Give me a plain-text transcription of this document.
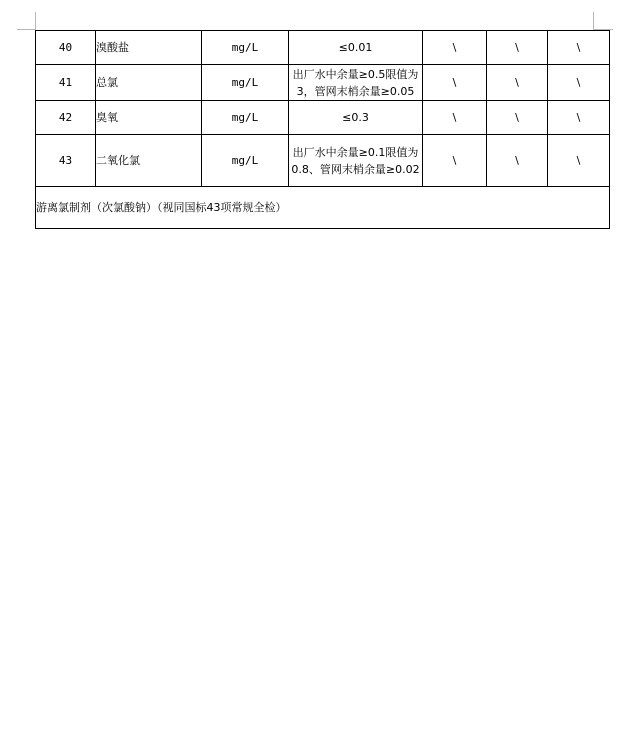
40	溴酸盐	mg/L	≤0.01	\	\	\
41	总氯	mg/L	出厂水中余量≥0.5限值为3，管网末梢余量≥0.05	\	\	\
42	臭氧	mg/L	≤0.3	\	\	\
43	二氧化氯	mg/L	出厂水中余量≥0.1限值为0.8、管网末梢余量≥0.02	\	\	\
游离氯制剂（次氯酸钠）（视同国标43项常规全检）						
